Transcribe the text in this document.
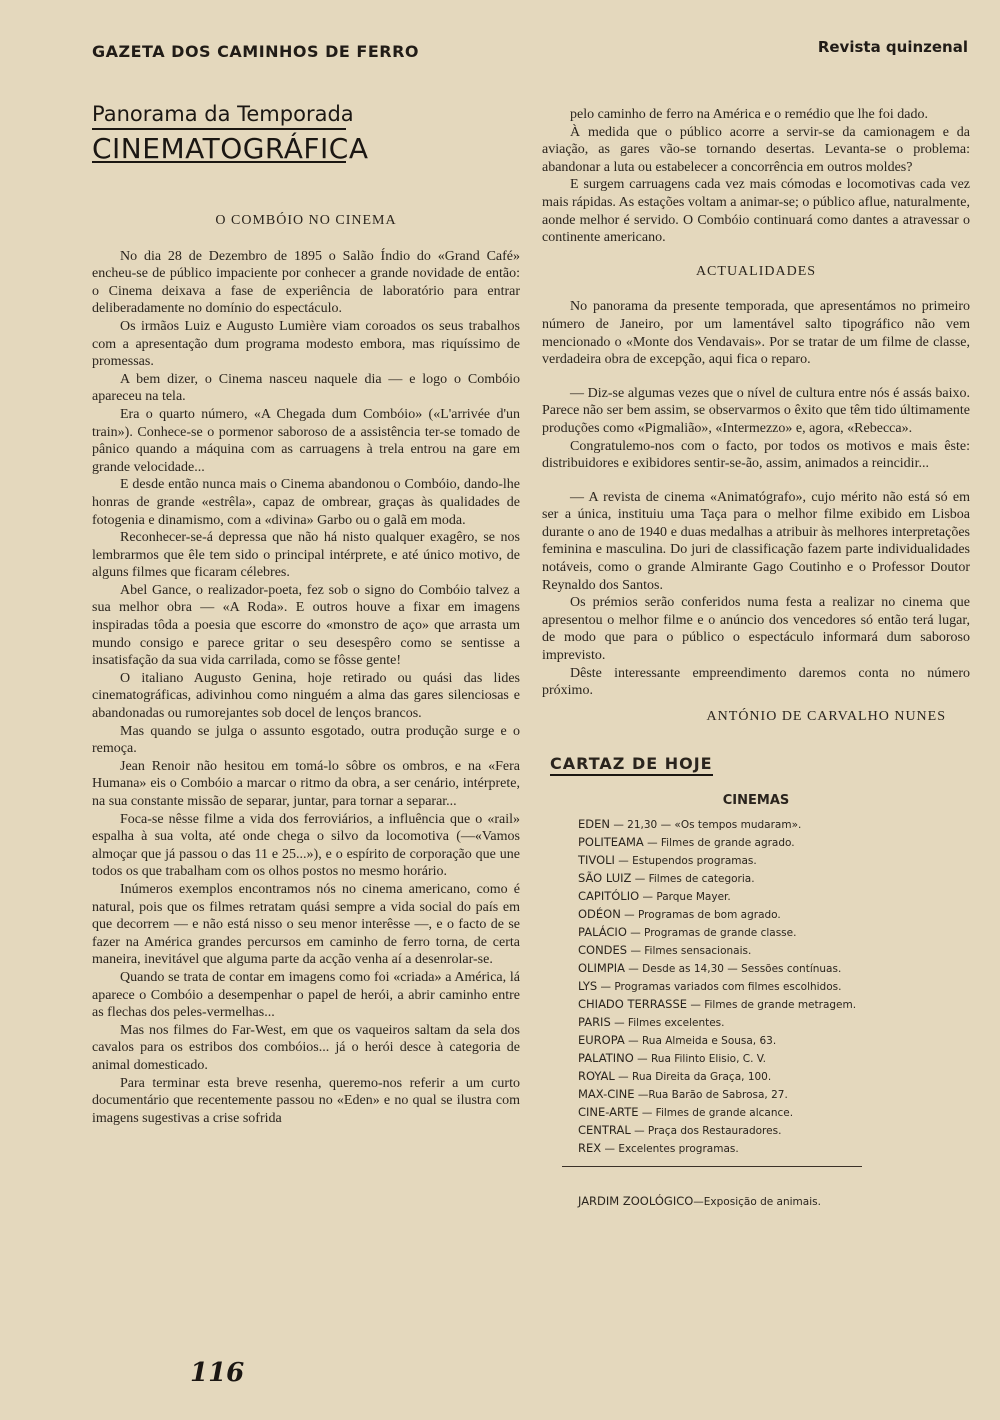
GAZETA DOS CAMINHOS DE FERRO	Revista quinzenal
Panorama da Temporada
CINEMATOGRÁFICA
O COMBÓIO NO CINEMA

No dia 28 de Dezembro de 1895 o Salão Índio do «Grand Café» encheu-se de público impaciente por conhecer a grande novidade de então: o Cinema deixava a fase de experiência de laboratório para entrar deliberadamente no domínio do espectáculo.

Os irmãos Luiz e Augusto Lumière viam coroados os seus trabalhos com a apresentação dum programa modesto embora, mas riquíssimo de promessas.

A bem dizer, o Cinema nasceu naquele dia — e logo o Combóio apareceu na tela.

Era o quarto número, «A Chegada dum Combóio» («L'arrivée d'un train»). Conhece-se o pormenor saboroso de a assistência ter-se tomado de pânico quando a máquina com as carruagens à trela entrou na gare em grande velocidade...

E desde então nunca mais o Cinema abandonou o Combóio, dando-lhe honras de grande «estrêla», capaz de ombrear, graças às qualidades de fotogenia e dinamismo, com a «divina» Garbo ou o galã em moda.

Reconhecer-se-á depressa que não há nisto qualquer exagêro, se nos lembrarmos que êle tem sido o principal intérprete, e até único motivo, de alguns filmes que ficaram célebres.

Abel Gance, o realizador-poeta, fez sob o signo do Combóio talvez a sua melhor obra — «A Roda». E outros houve a fixar em imagens inspiradas tôda a poesia que escorre do «monstro de aço» que arrasta um mundo consigo e parece gritar o seu desespêro como se sentisse a insatisfação da sua vida carrilada, como se fôsse gente!

O italiano Augusto Genina, hoje retirado ou quási das lides cinematográficas, adivinhou como ninguém a alma das gares silenciosas e abandonadas ou rumorejantes sob docel de lenços brancos.

Mas quando se julga o assunto esgotado, outra produção surge e o remoça.

Jean Renoir não hesitou em tomá-lo sôbre os ombros, e na «Fera Humana» eis o Combóio a marcar o ritmo da obra, a ser cenário, intérprete, na sua constante missão de separar, juntar, para tornar a separar...

Foca-se nêsse filme a vida dos ferroviários, a influência que o «rail» espalha à sua volta, até onde chega o silvo da locomotiva (—«Vamos almoçar que já passou o das 11 e 25...»), e o espírito de corporação que une todos os que trabalham com os olhos postos no mesmo horário.

Inúmeros exemplos encontramos nós no cinema americano, como é natural, pois que os filmes retratam quási sempre a vida social do país em que decorrem — e não está nisso o seu menor interêsse —, e o facto de se fazer na América grandes percursos em caminho de ferro torna, de certa maneira, inevitável que alguma parte da acção venha aí a desenrolar-se.

Quando se trata de contar em imagens como foi «criada» a América, lá aparece o Combóio a desempenhar o papel de herói, a abrir caminho entre as flechas dos peles-vermelhas...

Mas nos filmes do Far-West, em que os vaqueiros saltam da sela dos cavalos para os estribos dos combóios... já o herói desce à categoria de animal domesticado.

Para terminar esta breve resenha, queremo-nos referir a um curto documentário que recentemente passou no «Eden» e no qual se ilustra com imagens sugestivas a crise sofrida

pelo caminho de ferro na América e o remédio que lhe foi dado.

À medida que o público acorre a servir-se da camionagem e da aviação, as gares vão-se tornando desertas. Levanta-se o problema: abandonar a luta ou estabelecer a concorrência em outros moldes?

E surgem carruagens cada vez mais cómodas e locomotivas cada vez mais rápidas. As estações voltam a animar-se; o público aflue, naturalmente, aonde melhor é servido. O Combóio continuará como dantes a atravessar o continente americano.

ACTUALIDADES

No panorama da presente temporada, que apresentámos no primeiro número de Janeiro, por um lamentável salto tipográfico não vem mencionado o «Monte dos Vendavais». Por se tratar de um filme de classe, verdadeira obra de excepção, aqui fica o reparo.

— Diz-se algumas vezes que o nível de cultura entre nós é assás baixo. Parece não ser bem assim, se observarmos o êxito que têm tido últimamente produções como «Pigmalião», «Intermezzo» e, agora, «Rebecca».

Congratulemo-nos com o facto, por todos os motivos e mais êste: distribuidores e exibidores sentir-se-ão, assim, animados a reincidir...

— A revista de cinema «Animatógrafo», cujo mérito não está só em ser a única, instituiu uma Taça para o melhor filme exibido em Lisboa durante o ano de 1940 e duas medalhas a atribuir às melhores interpretações feminina e masculina. Do juri de classificação fazem parte individualidades notáveis, como o grande Almirante Gago Coutinho e o Professor Doutor Reynaldo dos Santos.

Os prémios serão conferidos numa festa a realizar no cinema que apresentou o melhor filme e o anúncio dos vencedores só então terá lugar, de modo que para o público o espectáculo informará dum saboroso imprevisto.

Dêste interessante empreendimento daremos conta no número próximo.

ANTÓNIO DE CARVALHO NUNES
CARTAZ DE HOJE
CINEMAS
EDEN — 21,30 — «Os tempos mudaram».
POLITEAMA — Filmes de grande agrado.
TIVOLI — Estupendos programas.
SÃO LUIZ — Filmes de categoria.
CAPITÓLIO — Parque Mayer.
ODÉON — Programas de bom agrado.
PALÁCIO — Programas de grande classe.
CONDES — Filmes sensacionais.
OLIMPIA — Desde as 14,30 — Sessões contínuas.
LYS — Programas variados com filmes escolhidos.
CHIADO TERRASSE — Filmes de grande metragem.
PARIS — Filmes excelentes.
EUROPA — Rua Almeida e Sousa, 63.
PALATINO — Rua Filinto Elisio, C. V.
ROYAL — Rua Direita da Graça, 100.
MAX-CINE —Rua Barão de Sabrosa, 27.
CINE-ARTE — Filmes de grande alcance.
CENTRAL — Praça dos Restauradores.
REX — Excelentes programas.
JARDIM ZOOLÓGICO—Exposição de animais.
116
